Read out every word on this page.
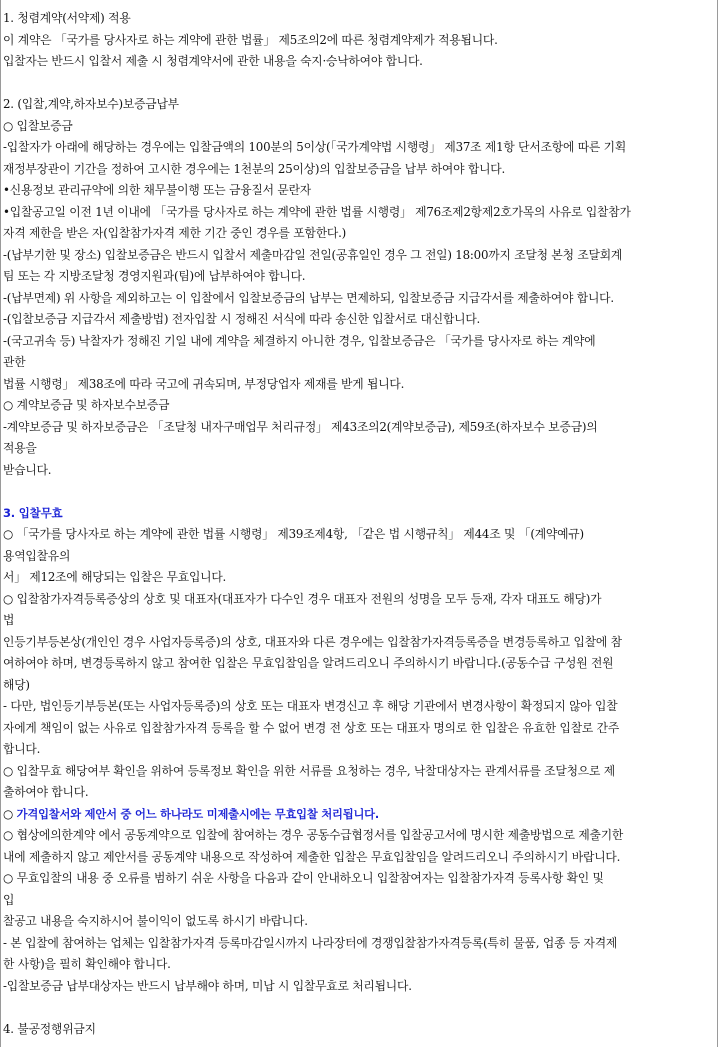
1. 청렴계약(서약제) 적용
이 계약은 「국가를 당사자로 하는 계약에 관한 법률」 제5조의2에 따른 청렴계약제가 적용됩니다.
입찰자는 반드시 입찰서 제출 시 청렴계약서에 관한 내용을 숙지·승낙하여야 합니다.
2. (입찰,계약,하자보수)보증금납부
○ 입찰보증금
-입찰자가 아래에 해당하는 경우에는 입찰금액의 100분의 5이상(「국가계약법 시행령」 제37조 제1항 단서조항에 따른 기획
재정부장관이 기간을 정하여 고시한 경우에는 1천분의 25이상)의 입찰보증금을 납부 하여야 합니다.
•신용정보 관리규약에 의한 채무불이행 또는 금융질서 문란자
•입찰공고일 이전 1년 이내에 「국가를 당사자로 하는 계약에 관한 법률 시행령」 제76조제2항제2호가목의 사유로 입찰참가
자격 제한을 받은 자(입찰참가자격 제한 기간 중인 경우를 포함한다.)
-(납부기한 및 장소) 입찰보증금은 반드시 입찰서 제출마감일 전일(공휴일인 경우 그 전일) 18:00까지 조달청 본청 조달회계
팀 또는 각 지방조달청 경영지원과(팀)에 납부하여야 합니다.
-(납부면제) 위 사항을 제외하고는 이 입찰에서 입찰보증금의 납부는 면제하되, 입찰보증금 지급각서를 제출하여야 합니다.
-(입찰보증금 지급각서 제출방법) 전자입찰 시 정해진 서식에 따라 송신한 입찰서로 대신합니다.
-(국고귀속 등) 낙찰자가 정해진 기일 내에 계약을 체결하지 아니한 경우, 입찰보증금은 「국가를 당사자로 하는 계약에
관한
법률 시행령」 제38조에 따라 국고에 귀속되며, 부정당업자 제재를 받게 됩니다.
○ 계약보증금 및 하자보수보증금
-계약보증금 및 하자보증금은 「조달청 내자구매업무 처리규정」 제43조의2(계약보증금), 제59조(하자보수 보증금)의
적용을
받습니다.
3. 입찰무효
○ 「국가를 당사자로 하는 계약에 관한 법률 시행령」 제39조제4항, 「같은 법 시행규칙」 제44조 및 「(계약예규)
용역입찰유의
서」 제12조에 해당되는 입찰은 무효입니다.
○ 입찰참가자격등록증상의 상호 및 대표자(대표자가 다수인 경우 대표자 전원의 성명을 모두 등재, 각자 대표도 해당)가
법
인등기부등본상(개인인 경우 사업자등록증)의 상호, 대표자와 다른 경우에는 입찰참가자격등록증을 변경등록하고 입찰에 참
여하여야 하며, 변경등록하지 않고 참여한 입찰은 무효입찰임을 알려드리오니 주의하시기 바랍니다.(공동수급 구성원 전원
해당)
- 다만, 법인등기부등본(또는 사업자등록증)의 상호 또는 대표자 변경신고 후 해당 기관에서 변경사항이 확정되지 않아 입찰
자에게 책임이 없는 사유로 입찰참가자격 등록을 할 수 없어 변경 전 상호 또는 대표자 명의로 한 입찰은 유효한 입찰로 간주
합니다.
○ 입찰무효 해당여부 확인을 위하여 등록정보 확인을 위한 서류를 요청하는 경우, 낙찰대상자는 관계서류를 조달청으로 제
출하여야 합니다.
○ 가격입찰서와 제안서 중 어느 하나라도 미제출시에는 무효입찰 처리됩니다.
○ 협상에의한계약 에서 공동계약으로 입찰에 참여하는 경우 공동수급협정서를 입찰공고서에 명시한 제출방법으로 제출기한
내에 제출하지 않고 제안서를 공동계약 내용으로 작성하여 제출한 입찰은 무효입찰임을 알려드리오니 주의하시기 바랍니다.
○ 무효입찰의 내용 중 오류를 범하기 쉬운 사항을 다음과 같이 안내하오니 입찰참여자는 입찰참가자격 등록사항 확인 및
입
찰공고 내용을 숙지하시어 불이익이 없도록 하시기 바랍니다.
- 본 입찰에 참여하는 업체는 입찰참가자격 등록마감일시까지 나라장터에 경쟁입찰참가자격등록(특히 물품, 업종 등 자격제
한 사항)을 필히 확인해야 합니다.
-입찰보증금 납부대상자는 반드시 납부해야 하며, 미납 시 입찰무효로 처리됩니다.
4. 불공정행위금지
